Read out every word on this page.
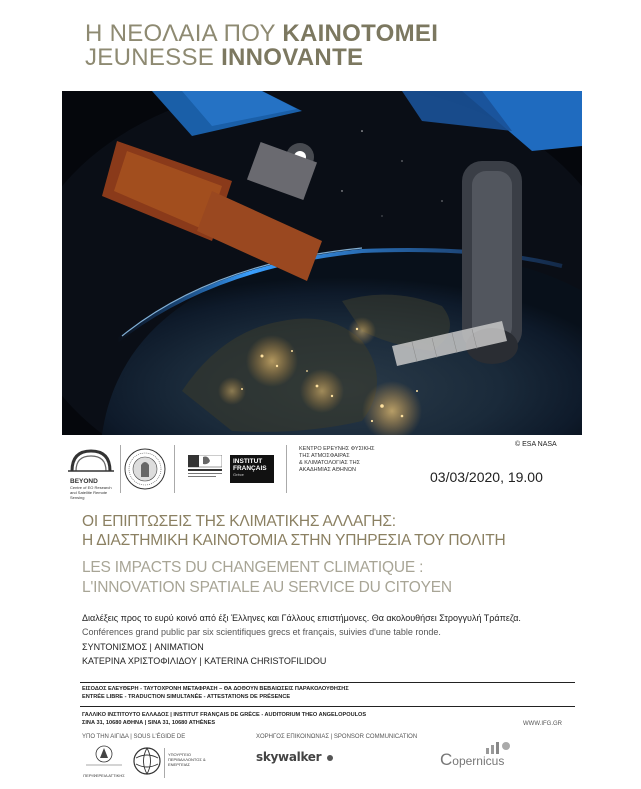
Η ΝΕΟΛΑΙΑ ΠΟΥ ΚΑΙΝΟΤΟΜΕΙ
JEUNESSE INNOVANTE
© ESA NASA
BEYOND
Centre of EO Research and Satellite Remote Sensing
INSTITUT
FRANÇAIS
Grèce
ΚΕΝΤΡΟ ΕΡΕΥΝΗΣ ΦΥΣΙΚΗΣ
ΤΗΣ ΑΤΜΟΣΦΑΙΡΑΣ
& ΚΛΙΜΑΤΟΛΟΓΙΑΣ ΤΗΣ
ΑΚΑΔΗΜΙΑΣ ΑΘΗΝΩΝ	03/03/2020, 19.00
ΟΙ ΕΠΙΠΤΩΣΕΙΣ ΤΗΣ ΚΛΙΜΑΤΙΚΗΣ ΑΛΛΑΓΗΣ:
Η ΔΙΑΣΤΗΜΙΚΗ ΚΑΙΝΟΤΟΜΙΑ ΣΤΗΝ ΥΠΗΡΕΣΙΑ ΤΟΥ ΠΟΛΙΤΗ
LES IMPACTS DU CHANGEMENT CLIMATIQUE :
L'INNOVATION SPATIALE AU SERVICE DU CITOYEN
Διαλέξεις προς το ευρύ κοινό από έξι Έλληνες και Γάλλους επιστήμονες. Θα ακολουθήσει Στρογγυλή Τράπεζα.
Conférences grand public par six scientifiques grecs et français, suivies d'une table ronde.
ΣΥΝΤΟΝΙΣΜΟΣ | ANIMATION
ΚΑΤΕΡΙΝΑ ΧΡΙΣΤΟΦΙΛΙΔΟΥ | KATERINA CHRISTOFILIDOU
ΕΙΣΟΔΟΣ ΕΛΕΥΘΕΡΗ - ΤΑΥΤΟΧΡΟΝΗ ΜΕΤΑΦΡΑΣΗ – ΘΑ ΔΟΘΟΥΝ ΒΕΒΑΙΩΣΕΙΣ ΠΑΡΑΚΟΛΟΥΘΗΣΗΣ
ENTRÉE LIBRE - TRADUCTION SIMULTANÉE - ATTESTATIONS DE PRÉSENCE
ΓΑΛΛΙΚΟ ΙΝΣΤΙΤΟΥΤΟ ΕΛΛΑΔΟΣ | INSTITUT FRANÇAIS DE GRÈCE - AUDITORIUM THEO ANGELOPOULOS
ΣΙΝΑ 31, 10680 ΑΘΗΝΑ | SINA 31, 10680 ATHÈNES	WWW.IFG.GR
ΥΠΟ ΤΗΝ ΑΙΓΙΔΑ | SOUS L'ÉGIDE DE	ΧΟΡΗΓΟΣ ΕΠΙΚΟΙΝΩΝΙΑΣ | SPONSOR COMMUNICATION
ΠΕΡΙΦΕΡΕΙΑ ΑΤΤΙΚΗΣ
ΥΠΟΥΡΓΕΙΟ ΠΕΡΙΒΑΛΛΟΝΤΟΣ & ΕΝΕΡΓΕΙΑΣ
skywalker	Copernicus
